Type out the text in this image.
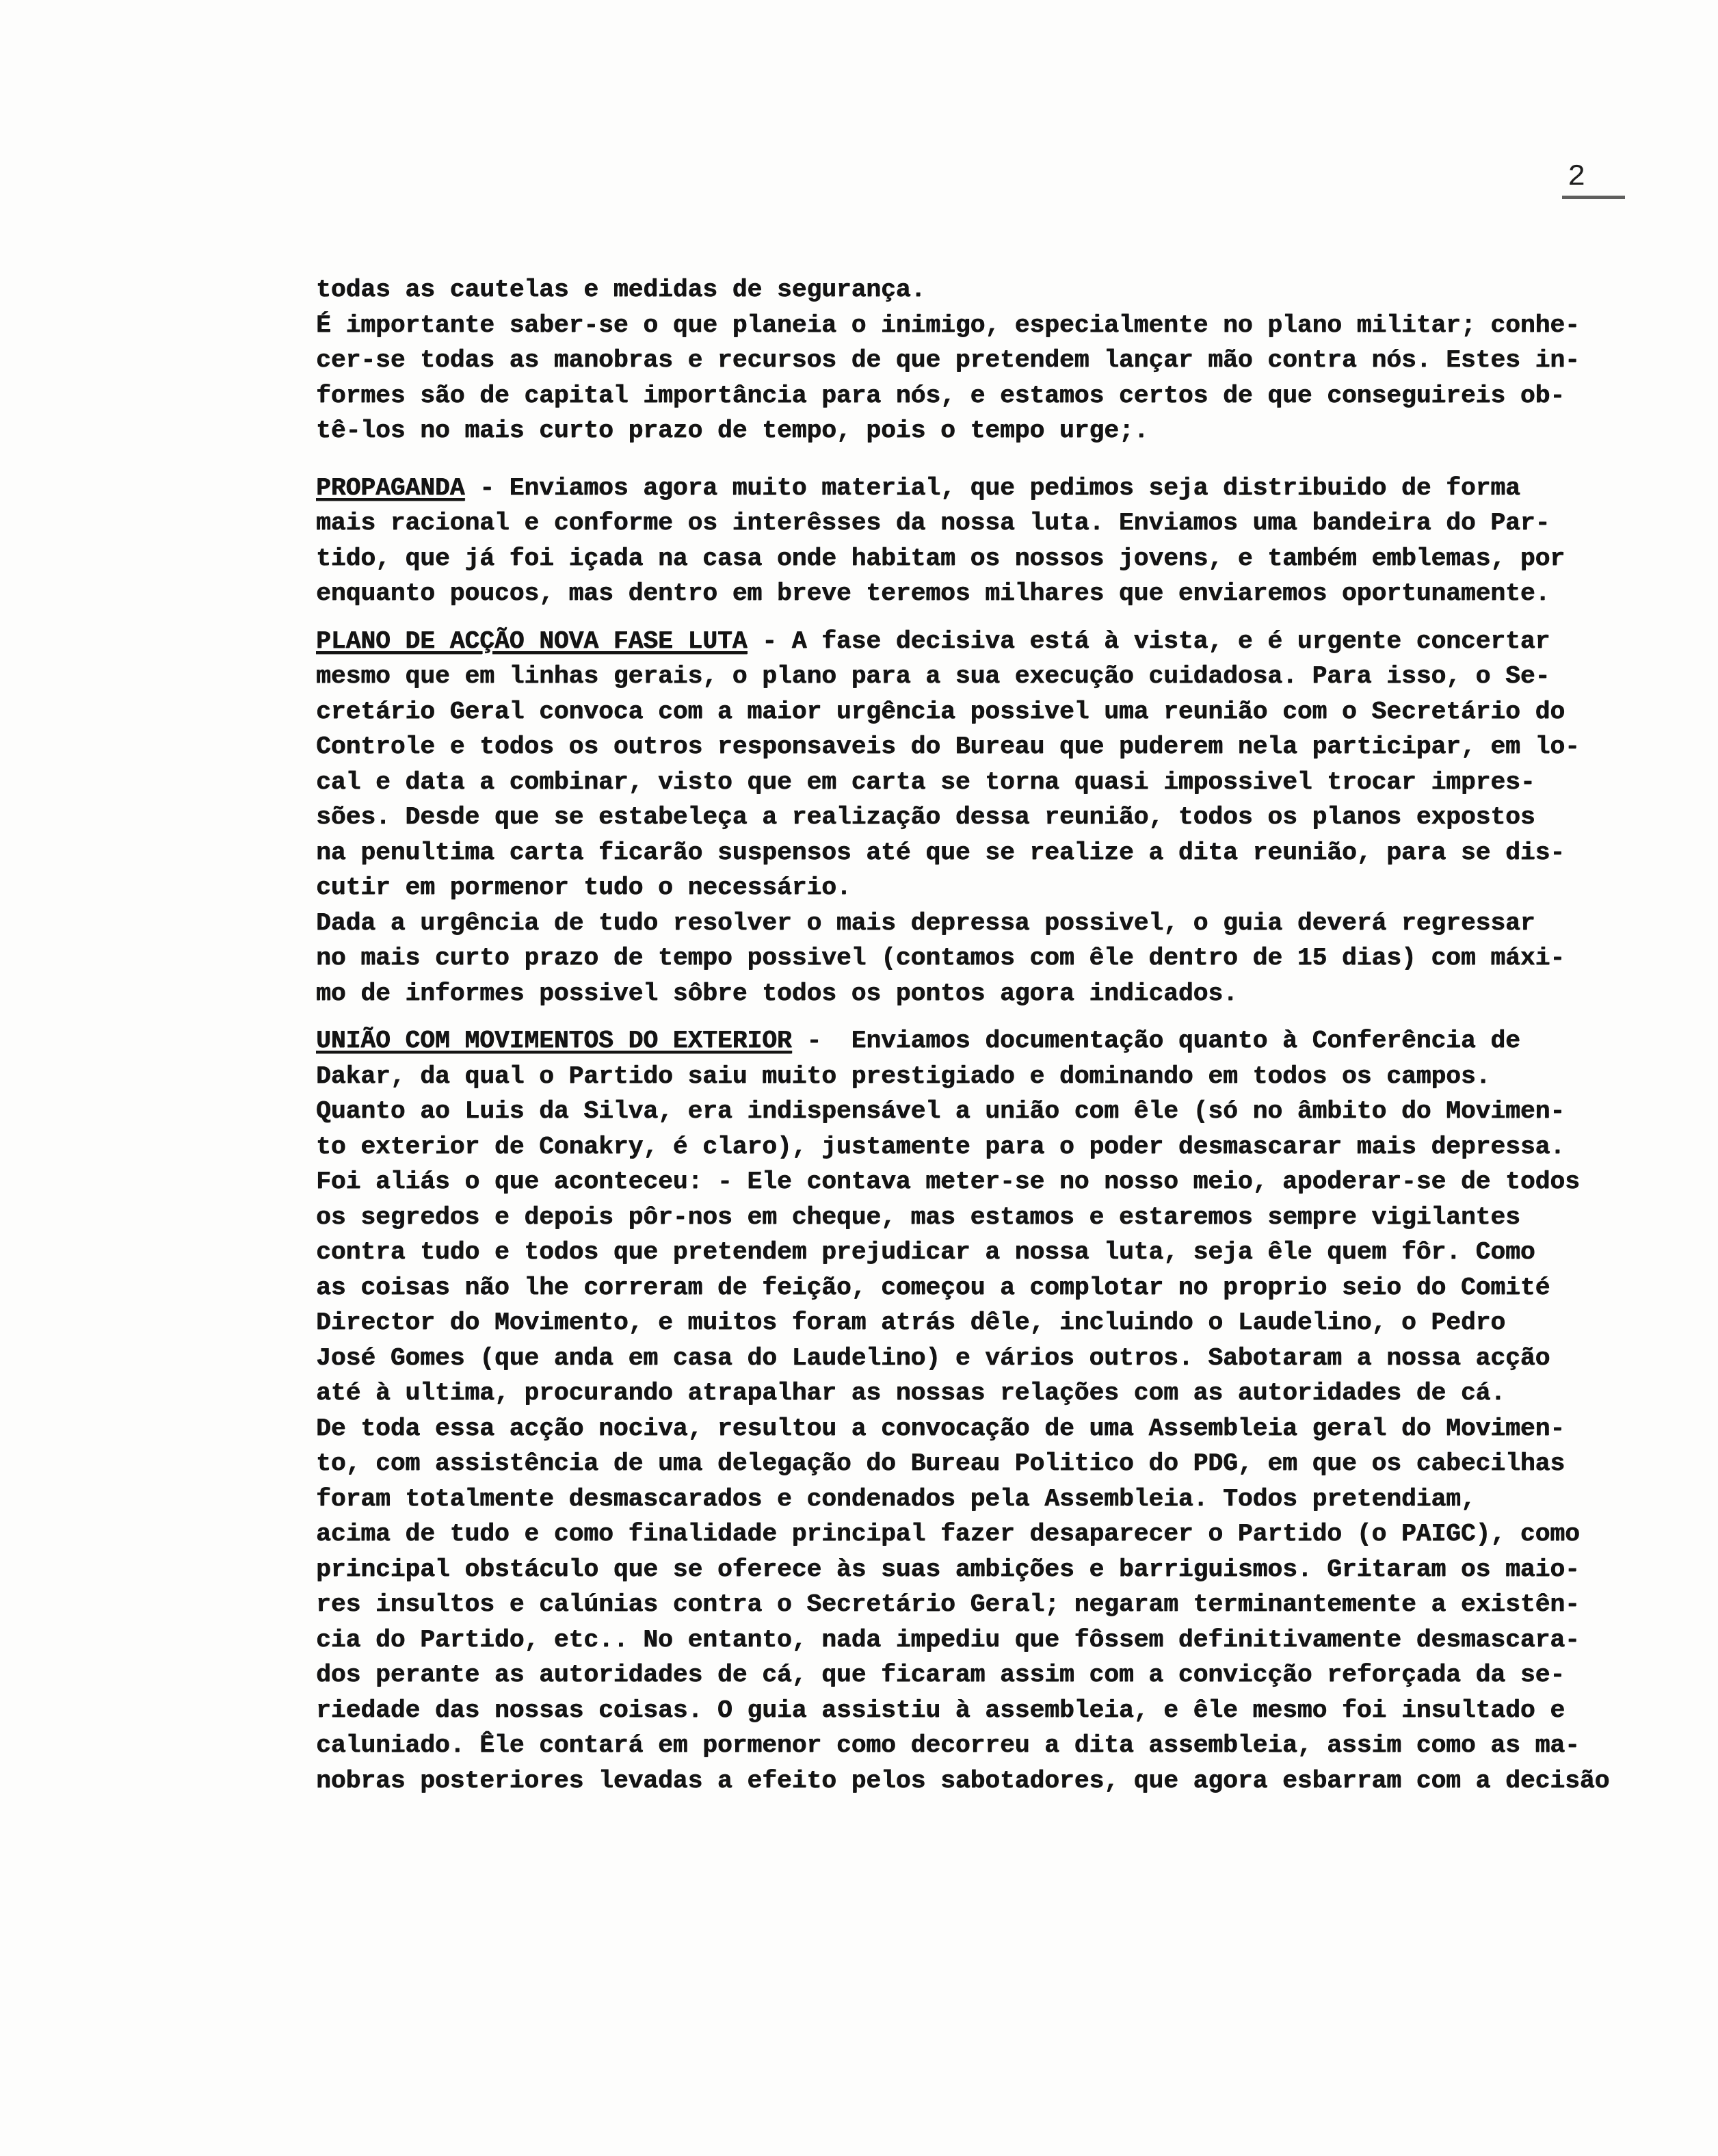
2

todas as cautelas e medidas de segurança.

É importante saber-se o que planeia o inimigo, especialmente no plano militar; conhe-

cer-se todas as manobras e recursos de que pretendem lançar mão contra nós. Estes in-

formes são de capital importância para nós, e estamos certos de que conseguireis ob-

tê-los no mais curto prazo de tempo, pois o tempo urge;.

PROPAGANDA - Enviamos agora muito material, que pedimos seja distribuido de forma

mais racional e conforme os interêsses da nossa luta. Enviamos uma bandeira do Par-

tido, que já foi içada na casa onde habitam os nossos jovens, e também emblemas, por

enquanto poucos, mas dentro em breve teremos milhares que enviaremos oportunamente.

PLANO DE ACÇÃO NOVA FASE LUTA - A fase decisiva está à vista, e é urgente concertar

mesmo que em linhas gerais, o plano para a sua execução cuidadosa. Para isso, o Se-

cretário Geral convoca com a maior urgência possivel uma reunião com o Secretário do

Controle e todos os outros responsaveis do Bureau que puderem nela participar, em lo-

cal e data a combinar, visto que em carta se torna quasi impossivel trocar impres-

sões. Desde que se estabeleça a realização dessa reunião, todos os planos expostos

na penultima carta ficarão suspensos até que se realize a dita reunião, para se dis-

cutir em pormenor tudo o necessário.

Dada a urgência de tudo resolver o mais depressa possivel, o guia deverá regressar

no mais curto prazo de tempo possivel (contamos com êle dentro de 15 dias) com máxi-

mo de informes possivel sôbre todos os pontos agora indicados.

UNIÃO COM MOVIMENTOS DO EXTERIOR -  Enviamos documentação quanto à Conferência de

Dakar, da qual o Partido saiu muito prestigiado e dominando em todos os campos.

Quanto ao Luis da Silva, era indispensável a união com êle (só no âmbito do Movimen-

to exterior de Conakry, é claro), justamente para o poder desmascarar mais depressa.

Foi aliás o que aconteceu: - Ele contava meter-se no nosso meio, apoderar-se de todos

os segredos e depois pôr-nos em cheque, mas estamos e estaremos sempre vigilantes

contra tudo e todos que pretendem prejudicar a nossa luta, seja êle quem fôr. Como

as coisas não lhe correram de feição, começou a complotar no proprio seio do Comité

Director do Movimento, e muitos foram atrás dêle, incluindo o Laudelino, o Pedro

José Gomes (que anda em casa do Laudelino) e vários outros. Sabotaram a nossa acção

até à ultima, procurando atrapalhar as nossas relações com as autoridades de cá.

De toda essa acção nociva, resultou a convocação de uma Assembleia geral do Movimen-

to, com assistência de uma delegação do Bureau Politico do PDG, em que os cabecilhas

foram totalmente desmascarados e condenados pela Assembleia. Todos pretendiam,

acima de tudo e como finalidade principal fazer desaparecer o Partido (o PAIGC), como

principal obstáculo que se oferece às suas ambições e barriguismos. Gritaram os maio-

res insultos e calúnias contra o Secretário Geral; negaram terminantemente a existên-

cia do Partido, etc.. No entanto, nada impediu que fôssem definitivamente desmascara-

dos perante as autoridades de cá, que ficaram assim com a convicção reforçada da se-

riedade das nossas coisas. O guia assistiu à assembleia, e êle mesmo foi insultado e

caluniado. Êle contará em pormenor como decorreu a dita assembleia, assim como as ma-

nobras posteriores levadas a efeito pelos sabotadores, que agora esbarram com a decisão
